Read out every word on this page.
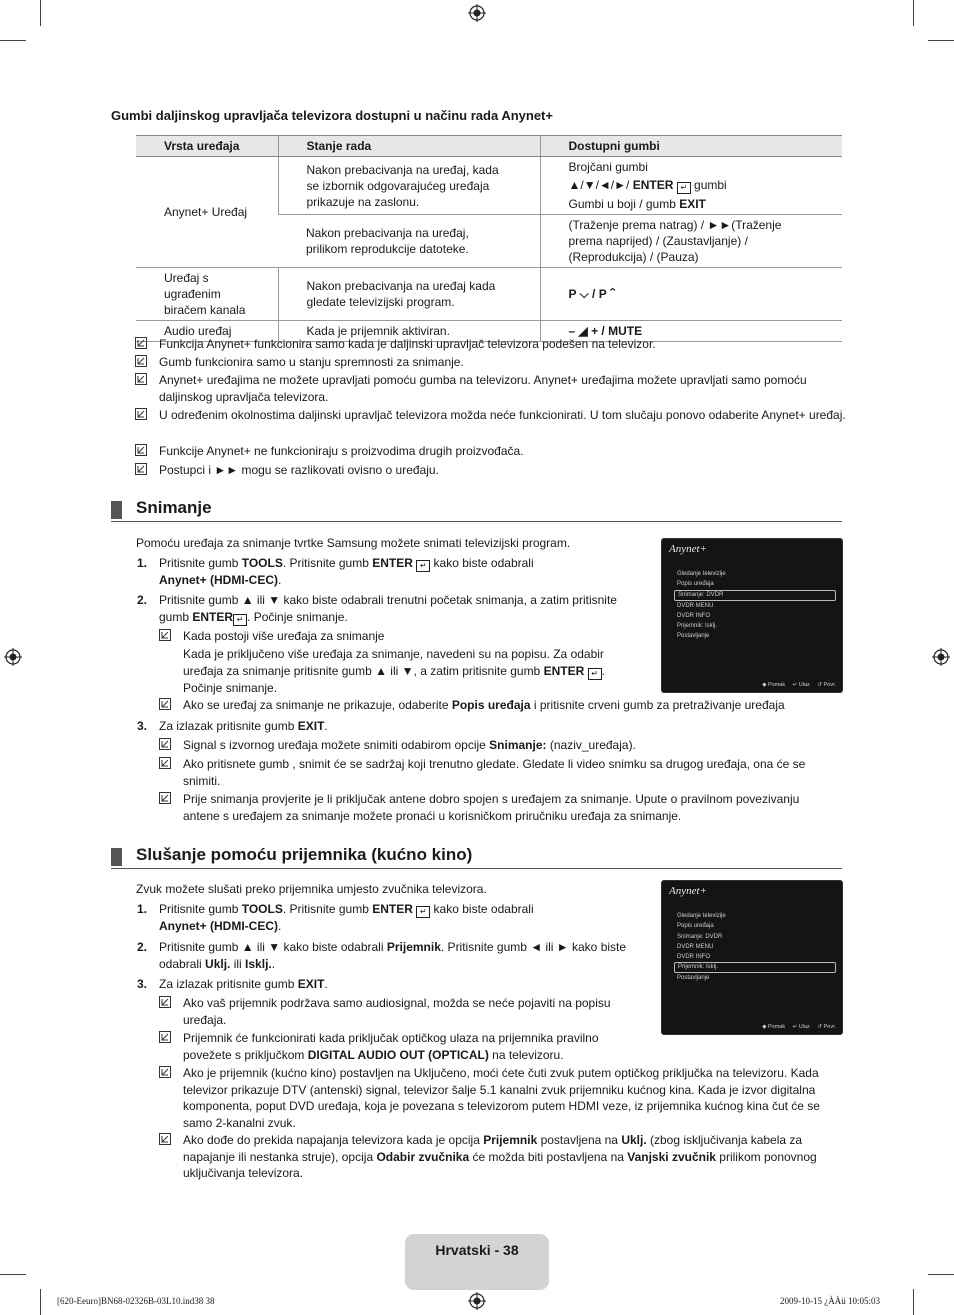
Gumbi daljinskog upravljača televizora dostupni u načinu rada Anynet+
Vrsta uređaja	Stanje rada	Dostupni gumbi
Anynet+ Uređaj	Nakon prebacivanja na uređaj, kada se izbornik odgovarajućeg uređaja prikazuje na zaslonu.	Brojčani gumbi
▲/▼/◄/►/ ENTER ↵ gumbi
Gumbi u boji / gumb EXIT

	Nakon prebacivanja na uređaj, prilikom reprodukcije datoteke.	(Traženje prema natrag) / ►►(Traženje prema naprijed) / (Zaustavljanje) / (Reprodukcija) / (Pauza)
Uređaj s ugrađenim biračem kanala	Nakon prebacivanja na uređaj kada gledate televizijski program.	P ⌵ / P ⌃
Audio uređaj	Kada je prijemnik aktiviran.	– ◢ + / MUTE
Funkcija Anynet+ funkcionira samo kada je daljinski upravljač televizora podešen na televizor.
Gumb funkcionira samo u stanju spremnosti za snimanje.
Anynet+ uređajima ne možete upravljati pomoću gumba na televizoru. Anynet+ uređajima možete upravljati samo pomoću daljinskog upravljača televizora.
U određenim okolnostima daljinski upravljač televizora možda neće funkcionirati. U tom slučaju ponovo odaberite Anynet+ uređaj.
Funkcije Anynet+ ne funkcioniraju s proizvodima drugih proizvođača.
Postupci i ►► mogu se razlikovati ovisno o uređaju.
Snimanje
Pomoću uređaja za snimanje tvrtke Samsung možete snimati televizijski program.
1. Pritisnite gumb TOOLS. Pritisnite gumb ENTER ↵ kako biste odabrali
Anynet+ (HDMI-CEC).
2. Pritisnite gumb ▲ ili ▼ kako biste odabrali trenutni početak snimanja, a zatim pritisnite gumb ENTER ↵ . Počinje snimanje.
Kada postoji više uređaja za snimanje
Kada je priključeno više uređaja za snimanje, navedeni su na popisu. Za odabir uređaja za snimanje pritisnite gumb ▲ ili ▼, a zatim pritisnite gumb ENTER ↵ . Počinje snimanje.
Ako se uređaj za snimanje ne prikazuje, odaberite Popis uređaja i pritisnite crveni gumb za pretraživanje uređaja
3. Za izlazak pritisnite gumb EXIT.
Signal s izvornog uređaja možete snimiti odabirom opcije Snimanje: (naziv_uređaja).
Ako pritisnete gumb , snimit će se sadržaj koji trenutno gledate. Gledate li video snimku sa drugog uređaja, ona će se snimiti.
Prije snimanja provjerite je li priključak antene dobro spojen s uređajem za snimanje. Upute o pravilnom povezivanju antene s uređajem za snimanje možete pronaći u korisničkom priručniku uređaja za snimanje.
Anynet+
Gledanje televizije
Popis uređaja
Snimanje: DVDR
DVDR MENU
DVDR INFO
Prijemnik: Isklj.
Postavljanje
◆ Pomak ↵ Ulaz ↺ Povr.
Slušanje pomoću prijemnika (kućno kino)
Zvuk možete slušati preko prijemnika umjesto zvučnika televizora.
1. Pritisnite gumb TOOLS. Pritisnite gumb ENTER ↵ kako biste odabrali
Anynet+ (HDMI-CEC).
2. Pritisnite gumb ▲ ili ▼ kako biste odabrali Prijemnik. Pritisnite gumb ◄ ili ► kako biste odabrali Uklj. ili Isklj..
3. Za izlazak pritisnite gumb EXIT.
Ako vaš prijemnik podržava samo audiosignal, možda se neće pojaviti na popisu uređaja.
Prijemnik će funkcionirati kada priključak optičkog ulaza na prijemnika pravilno povežete s priključkom DIGITAL AUDIO OUT (OPTICAL) na televizoru.
Ako je prijemnik (kućno kino) postavljen na Uključeno, moći ćete čuti zvuk putem optičkog priključka na televizoru. Kada televizor prikazuje DTV (antenski) signal, televizor šalje 5.1 kanalni zvuk prijemniku kućnog kina. Kada je izvor digitalna komponenta, poput DVD uređaja, koja je povezana s televizorom putem HDMI veze, iz prijemnika kućnog kina čut će se samo 2-kanalni zvuk.
Ako dođe do prekida napajanja televizora kada je opcija Prijemnik postavljena na Uklj. (zbog isključivanja kabela za napajanje ili nestanka struje), opcija Odabir zvučnika će možda biti postavljena na Vanjski zvučnik prilikom ponovnog uključivanja televizora.
Anynet+
Gledanje televizije
Popis uređaja
Snimanje: DVDR
DVDR MENU
DVDR INFO
Prijemnik: Isklj.
Postavljanje
◆ Pomak ↵ Ulaz ↺ Povr.
Hrvatski - 38
[620-Eeuro]BN68-02326B-03L10.ind38 38	2009-10-15 ¿ÀÀü 10:05:03
